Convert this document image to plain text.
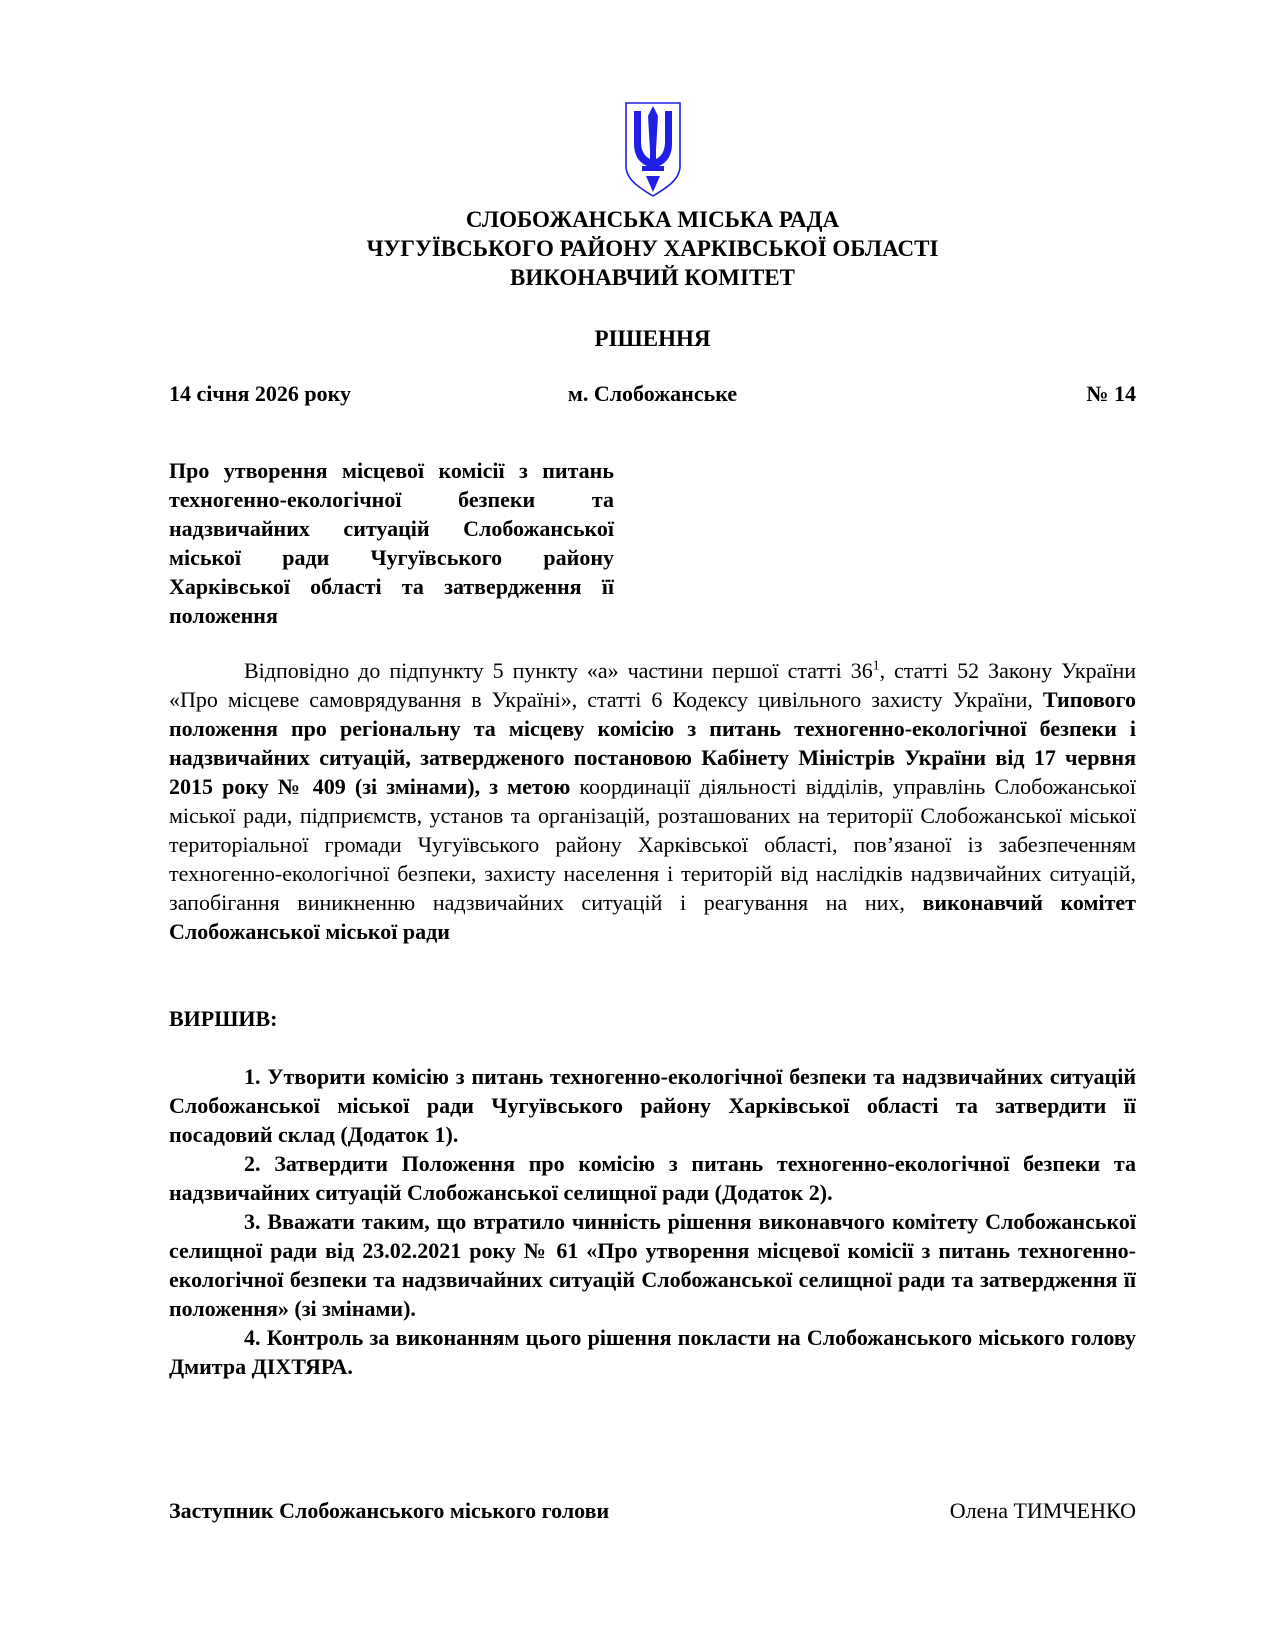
СЛОБОЖАНСЬКА МІСЬКА РАДА
ЧУГУЇВСЬКОГО РАЙОНУ ХАРКІВСЬКОЇ ОБЛАСТІ
ВИКОНАВЧИЙ КОМІТЕТ
РІШЕННЯ
14 січня 2026 року	м. Слобожанське	№ 14
Про утворення місцевої комісії з питань техногенно-екологічної безпеки та надзвичайних ситуацій Слобожанської міської ради Чугуївського району Харківської області та затвердження її положення

Відповідно до підпункту 5 пункту «а» частини першої статті $36^1$, статті 52 Закону України «Про місцеве самоврядування в Україні», статті 6 Кодексу цивільного захисту України, Типового положення про регіональну та місцеву комісію з питань техногенно-екологічної безпеки і надзвичайних ситуацій, затвердженого постановою Кабінету Міністрів України від 17 червня 2015 року № 409 (зі змінами), з метою координації діяльності відділів, управлінь Слобожанської міської ради, підприємств, установ та організацій, розташованих на території Слобожанської міської територіальної громади Чугуївського району Харківської області, пов’язаної із забезпеченням техногенно-екологічної безпеки, захисту населення і територій від наслідків надзвичайних ситуацій, запобігання виникненню надзвичайних ситуацій і реагування на них, виконавчий комітет Слобожанської міської ради

ВИРШИВ:

1. Утворити комісію з питань техногенно-екологічної безпеки та надзвичайних ситуацій Слобожанської міської ради Чугуївського району Харківської області та затвердити її посадовий склад (Додаток 1).

2. Затвердити Положення про комісію з питань техногенно-екологічної безпеки та надзвичайних ситуацій Слобожанської селищної ради (Додаток 2).

3. Вважати таким, що втратило чинність рішення виконавчого комітету Слобожанської селищної ради від 23.02.2021 року № 61 «Про утворення місцевої комісії з питань техногенно-екологічної безпеки та надзвичайних ситуацій Слобожанської селищної ради та затвердження її положення» (зі змінами).

4. Контроль за виконанням цього рішення покласти на Слобожанського міського голову Дмитра ДІХТЯРА.

Заступник Слобожанського міського голови	Олена ТИМЧЕНКО
